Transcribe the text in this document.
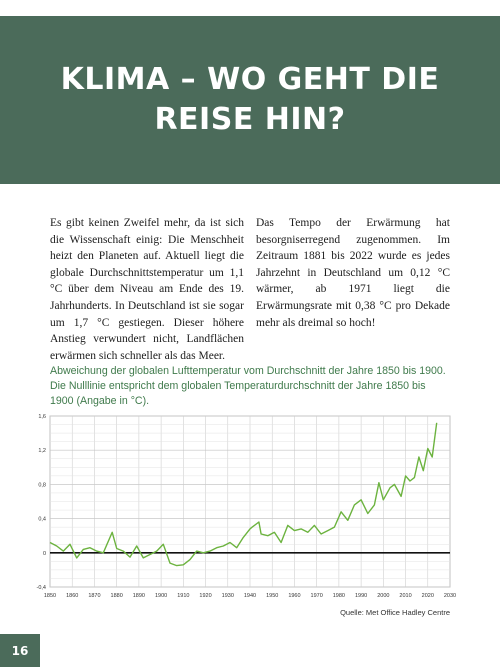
KLIMA – WO GEHT DIE REISE HIN?
Es gibt keinen Zweifel mehr, da ist sich die Wissenschaft einig: Die Menschheit heizt den Planeten auf. Aktuell liegt die globale Durchschnittstemperatur um 1,1 °C über dem Niveau am Ende des 19. Jahrhunderts. In Deutschland ist sie sogar um 1,7 °C gestiegen. Dieser höhere Anstieg verwundert nicht, Landflächen erwärmen sich schneller als das Meer.
Das Tempo der Erwärmung hat besorgniserregend zugenommen. Im Zeitraum 1881 bis 2022 wurde es jedes Jahrzehnt in Deutschland um 0,12 °C wärmer, ab 1971 liegt die Erwärmungsrate mit 0,38 °C pro Dekade mehr als dreimal so hoch!
Abweichung der globalen Lufttemperatur vom Durchschnitt der Jahre 1850 bis 1900. Die Nulllinie entspricht dem globalen Temperaturdurchschnitt der Jahre 1850 bis 1900 (Angabe in °C).
1850 1860 1870 1880 1890 1900 1910 1920 1930 1940 1950 1960 1970 1980 1990 2000 2010 2020 2030
-0,4
0
0,4
0,8
1,2
1,6
Quelle: Met Office Hadley Centre
16
